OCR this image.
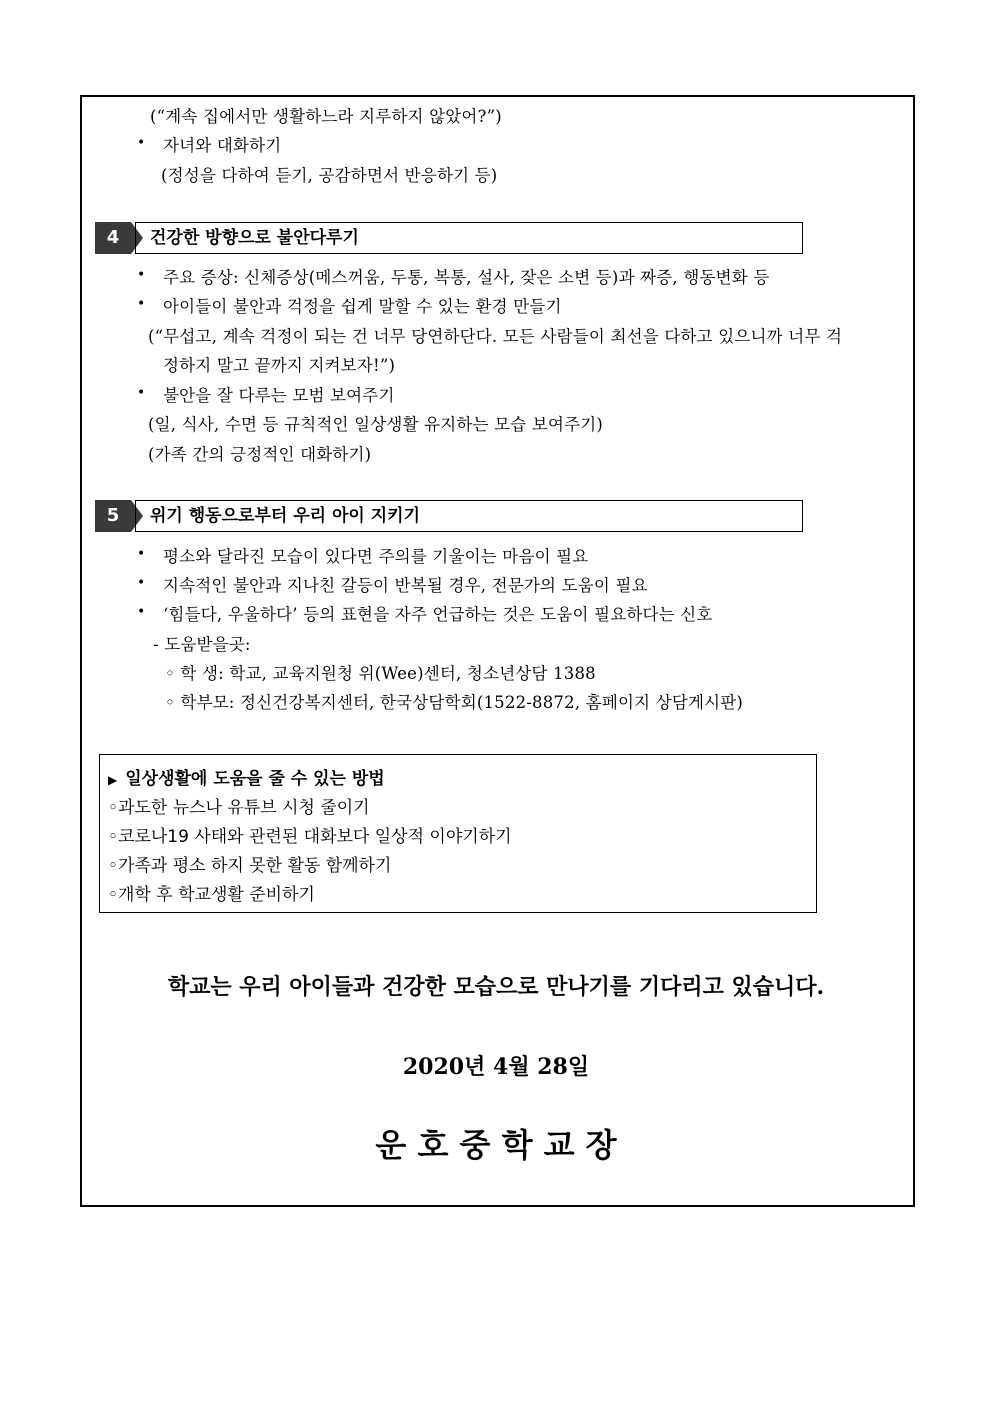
(“계속 집에서만 생활하느라 지루하지 않았어?”)
• 자녀와 대화하기
(정성을 다하여 듣기, 공감하면서 반응하기 등)
4	건강한 방향으로 불안다루기
• 주요 증상: 신체증상(메스꺼움, 두통, 복통, 설사, 잦은 소변 등)과 짜증, 행동변화 등
• 아이들이 불안과 걱정을 쉽게 말할 수 있는 환경 만들기
(“무섭고, 계속 걱정이 되는 건 너무 당연하단다. 모든 사람들이 최선을 다하고 있으니까 너무 걱
정하지 말고 끝까지 지켜보자!”)
• 불안을 잘 다루는 모범 보여주기
(일, 식사, 수면 등 규칙적인 일상생활 유지하는 모습 보여주기)
(가족 간의 긍정적인 대화하기)
5	위기 행동으로부터 우리 아이 지키기
• 평소와 달라진 모습이 있다면 주의를 기울이는 마음이 필요
• 지속적인 불안과 지나친 갈등이 반복될 경우, 전문가의 도움이 필요
• ‘힘들다, 우울하다’ 등의 표현을 자주 언급하는 것은 도움이 필요하다는 신호
- 도움받을곳:
◦ 학 생: 학교, 교육지원청 위(Wee)센터, 청소년상담 1388
◦ 학부모: 정신건강복지센터, 한국상담학회(1522-8872, 홈페이지 상담게시판)
▶ 일상생활에 도움을 줄 수 있는 방법
◦과도한 뉴스나 유튜브 시청 줄이기
◦코로나19 사태와 관련된 대화보다 일상적 이야기하기
◦가족과 평소 하지 못한 활동 함께하기
◦개학 후 학교생활 준비하기
학교는 우리 아이들과 건강한 모습으로 만나기를 기다리고 있습니다.
2020년 4월 28일
운 호 중 학 교 장
